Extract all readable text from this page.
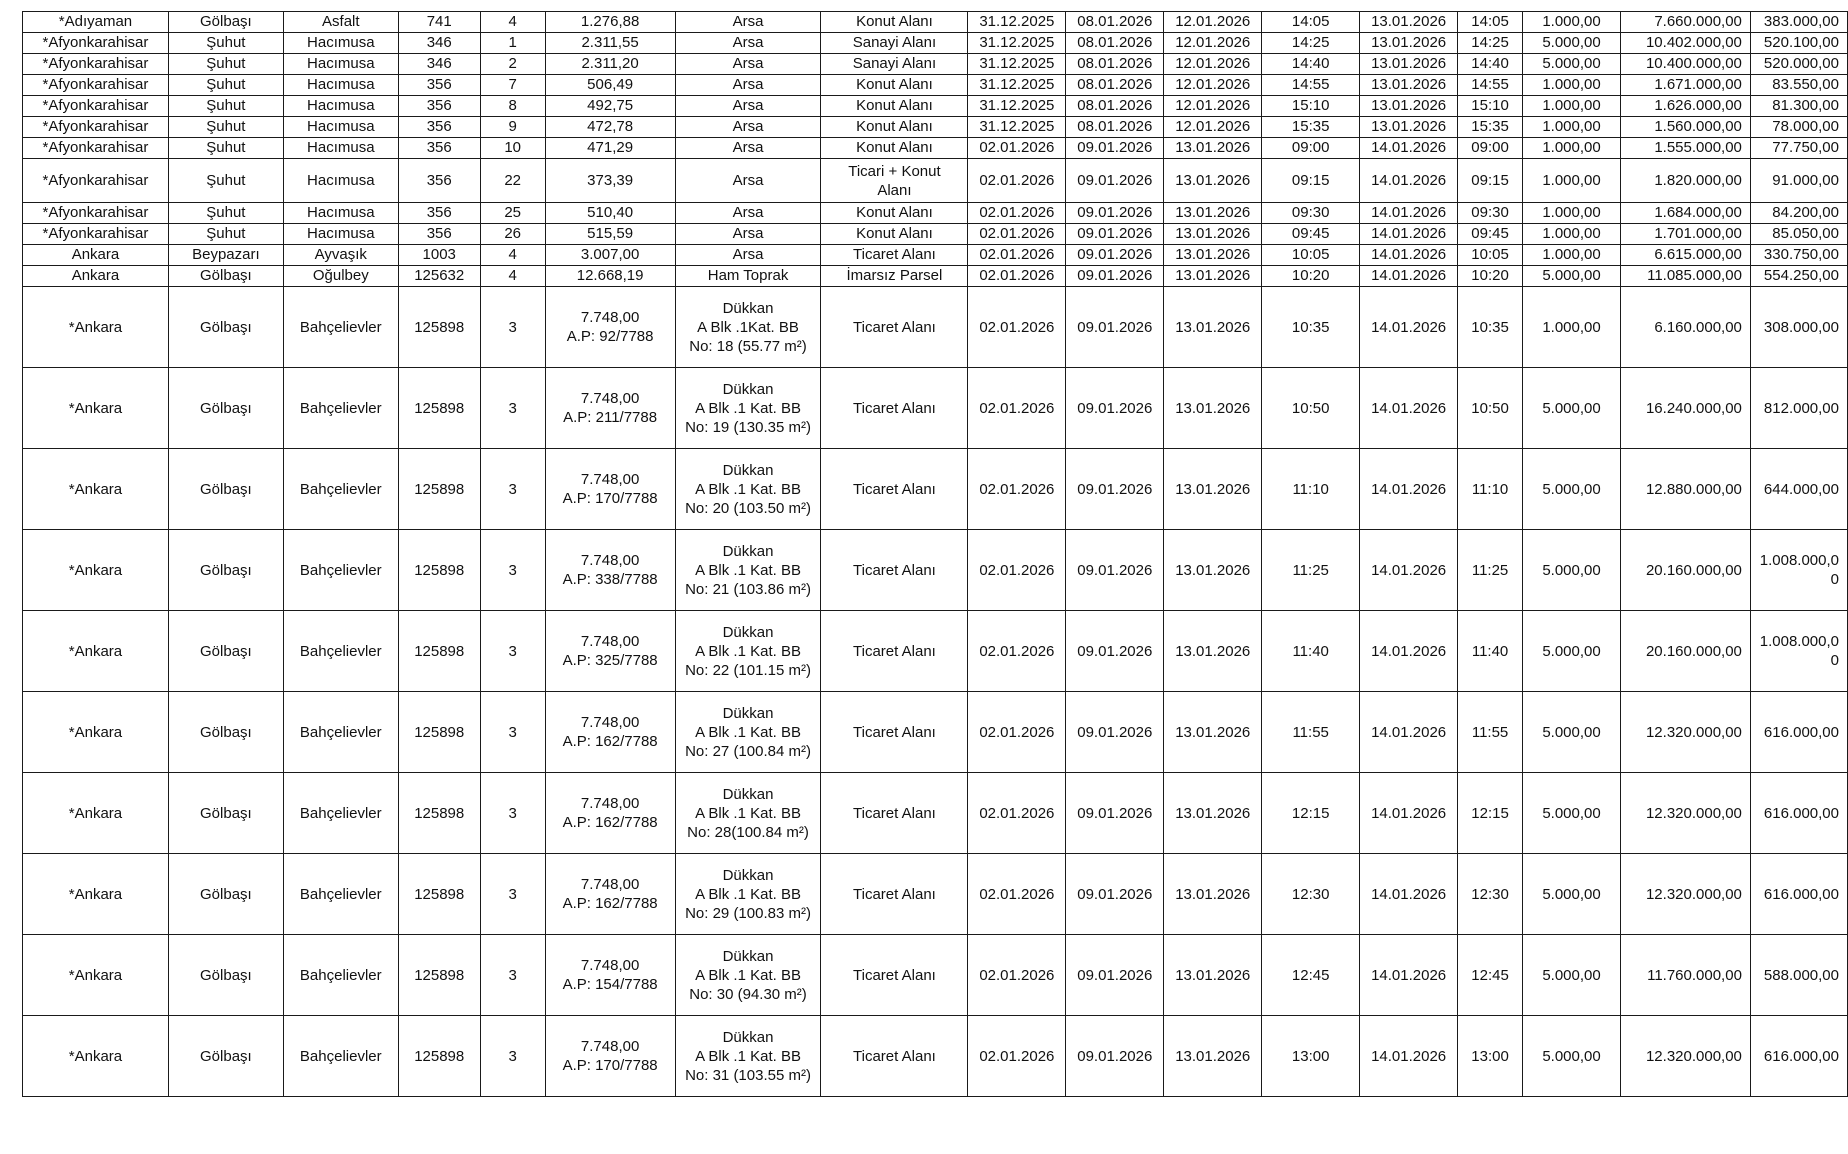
*Adıyaman	Gölbaşı	Asfalt	741	4	1.276,88	Arsa	Konut Alanı	31.12.2025	08.01.2026	12.01.2026	14:05	13.01.2026	14:05	1.000,00	7.660.000,00	383.000,00
*Afyonkarahisar	Şuhut	Hacımusa	346	1	2.311,55	Arsa	Sanayi Alanı	31.12.2025	08.01.2026	12.01.2026	14:25	13.01.2026	14:25	5.000,00	10.402.000,00	520.100,00
*Afyonkarahisar	Şuhut	Hacımusa	346	2	2.311,20	Arsa	Sanayi Alanı	31.12.2025	08.01.2026	12.01.2026	14:40	13.01.2026	14:40	5.000,00	10.400.000,00	520.000,00
*Afyonkarahisar	Şuhut	Hacımusa	356	7	506,49	Arsa	Konut Alanı	31.12.2025	08.01.2026	12.01.2026	14:55	13.01.2026	14:55	1.000,00	1.671.000,00	83.550,00
*Afyonkarahisar	Şuhut	Hacımusa	356	8	492,75	Arsa	Konut Alanı	31.12.2025	08.01.2026	12.01.2026	15:10	13.01.2026	15:10	1.000,00	1.626.000,00	81.300,00
*Afyonkarahisar	Şuhut	Hacımusa	356	9	472,78	Arsa	Konut Alanı	31.12.2025	08.01.2026	12.01.2026	15:35	13.01.2026	15:35	1.000,00	1.560.000,00	78.000,00
*Afyonkarahisar	Şuhut	Hacımusa	356	10	471,29	Arsa	Konut Alanı	02.01.2026	09.01.2026	13.01.2026	09:00	14.01.2026	09:00	1.000,00	1.555.000,00	77.750,00
*Afyonkarahisar	Şuhut	Hacımusa	356	22	373,39	Arsa	Ticari + Konut
Alanı	02.01.2026	09.01.2026	13.01.2026	09:15	14.01.2026	09:15	1.000,00	1.820.000,00	91.000,00
*Afyonkarahisar	Şuhut	Hacımusa	356	25	510,40	Arsa	Konut Alanı	02.01.2026	09.01.2026	13.01.2026	09:30	14.01.2026	09:30	1.000,00	1.684.000,00	84.200,00
*Afyonkarahisar	Şuhut	Hacımusa	356	26	515,59	Arsa	Konut Alanı	02.01.2026	09.01.2026	13.01.2026	09:45	14.01.2026	09:45	1.000,00	1.701.000,00	85.050,00
Ankara	Beypazarı	Ayvaşık	1003	4	3.007,00	Arsa	Ticaret Alanı	02.01.2026	09.01.2026	13.01.2026	10:05	14.01.2026	10:05	1.000,00	6.615.000,00	330.750,00
Ankara	Gölbaşı	Oğulbey	125632	4	12.668,19	Ham Toprak	İmarsız Parsel	02.01.2026	09.01.2026	13.01.2026	10:20	14.01.2026	10:20	5.000,00	11.085.000,00	554.250,00
*Ankara	Gölbaşı	Bahçelievler	125898	3	7.748,00
A.P: 92/7788	Dükkan
A Blk .1Kat. BB
No: 18 (55.77 m²)	Ticaret Alanı	02.01.2026	09.01.2026	13.01.2026	10:35	14.01.2026	10:35	1.000,00	6.160.000,00	308.000,00
*Ankara	Gölbaşı	Bahçelievler	125898	3	7.748,00
A.P: 211/7788	Dükkan
A Blk .1 Kat. BB
No: 19 (130.35 m²)	Ticaret Alanı	02.01.2026	09.01.2026	13.01.2026	10:50	14.01.2026	10:50	5.000,00	16.240.000,00	812.000,00
*Ankara	Gölbaşı	Bahçelievler	125898	3	7.748,00
A.P: 170/7788	Dükkan
A Blk .1 Kat. BB
No: 20 (103.50 m²)	Ticaret Alanı	02.01.2026	09.01.2026	13.01.2026	11:10	14.01.2026	11:10	5.000,00	12.880.000,00	644.000,00
*Ankara	Gölbaşı	Bahçelievler	125898	3	7.748,00
A.P: 338/7788	Dükkan
A Blk .1 Kat. BB
No: 21 (103.86 m²)	Ticaret Alanı	02.01.2026	09.01.2026	13.01.2026	11:25	14.01.2026	11:25	5.000,00	20.160.000,00	1.008.000,00
*Ankara	Gölbaşı	Bahçelievler	125898	3	7.748,00
A.P: 325/7788	Dükkan
A Blk .1 Kat. BB
No: 22 (101.15 m²)	Ticaret Alanı	02.01.2026	09.01.2026	13.01.2026	11:40	14.01.2026	11:40	5.000,00	20.160.000,00	1.008.000,00
*Ankara	Gölbaşı	Bahçelievler	125898	3	7.748,00
A.P: 162/7788	Dükkan
A Blk .1 Kat. BB
No: 27 (100.84 m²)	Ticaret Alanı	02.01.2026	09.01.2026	13.01.2026	11:55	14.01.2026	11:55	5.000,00	12.320.000,00	616.000,00
*Ankara	Gölbaşı	Bahçelievler	125898	3	7.748,00
A.P: 162/7788	Dükkan
A Blk .1 Kat. BB
No: 28(100.84 m²)	Ticaret Alanı	02.01.2026	09.01.2026	13.01.2026	12:15	14.01.2026	12:15	5.000,00	12.320.000,00	616.000,00
*Ankara	Gölbaşı	Bahçelievler	125898	3	7.748,00
A.P: 162/7788	Dükkan
A Blk .1 Kat. BB
No: 29 (100.83 m²)	Ticaret Alanı	02.01.2026	09.01.2026	13.01.2026	12:30	14.01.2026	12:30	5.000,00	12.320.000,00	616.000,00
*Ankara	Gölbaşı	Bahçelievler	125898	3	7.748,00
A.P: 154/7788	Dükkan
A Blk .1 Kat. BB
No: 30 (94.30 m²)	Ticaret Alanı	02.01.2026	09.01.2026	13.01.2026	12:45	14.01.2026	12:45	5.000,00	11.760.000,00	588.000,00
*Ankara	Gölbaşı	Bahçelievler	125898	3	7.748,00
A.P: 170/7788	Dükkan
A Blk .1 Kat. BB
No: 31 (103.55 m²)	Ticaret Alanı	02.01.2026	09.01.2026	13.01.2026	13:00	14.01.2026	13:00	5.000,00	12.320.000,00	616.000,00
